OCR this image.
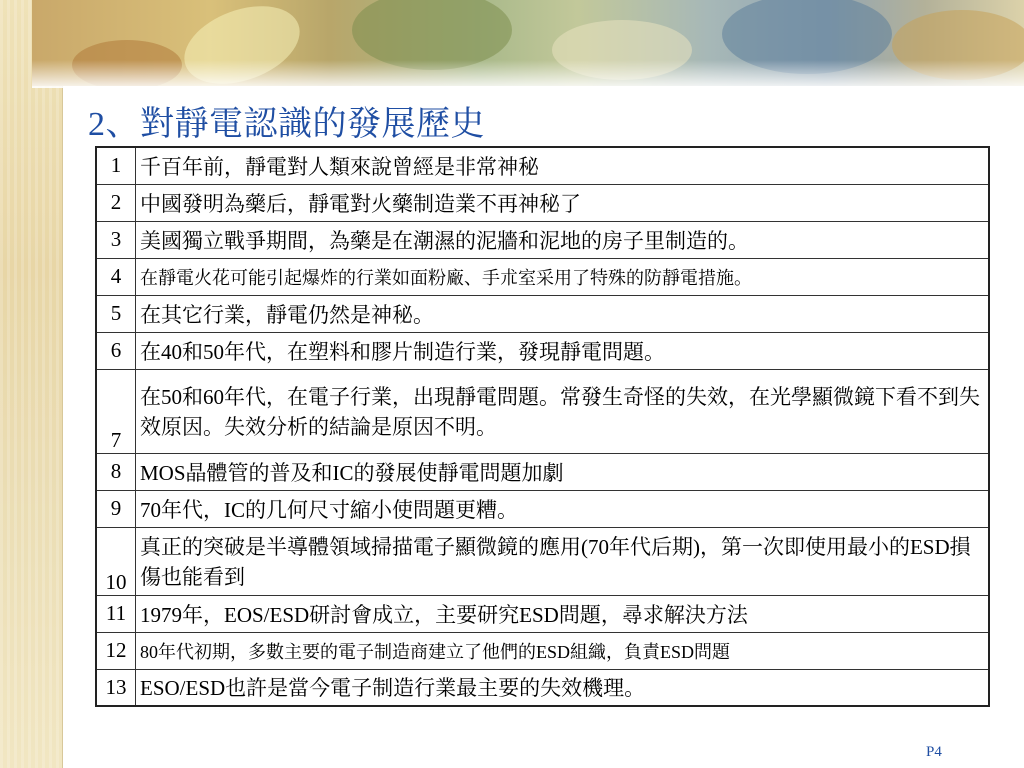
2、對靜電認識的發展歷史
1	千百年前，靜電對人類來說曾經是非常神秘
2	中國發明為藥后，靜電對火藥制造業不再神秘了
3	美國獨立戰爭期間，為藥是在潮濕的泥牆和泥地的房子里制造的。
4	在靜電火花可能引起爆炸的行業如面粉廠、手朮室采用了特殊的防靜電措施。
5	在其它行業，靜電仍然是神秘。
6	在40和50年代，在塑料和膠片制造行業，發現靜電問題。
7	在50和60年代，在電子行業，出現靜電問題。常發生奇怪的失效，在光學顯微鏡下看不到失效原因。失效分析的結論是原因不明。
8	MOS晶體管的普及和IC的發展使靜電問題加劇
9	70年代，IC的几何尺寸縮小使問題更糟。
10	真正的突破是半導體領域掃描電子顯微鏡的應用(70年代后期)，第一次即使用最小的ESD損傷也能看到
11	1979年，EOS/ESD研討會成立，主要研究ESD問題，尋求解決方法
12	80年代初期，多數主要的電子制造商建立了他們的ESD組織，負責ESD問題
13	ESO/ESD也許是當今電子制造行業最主要的失效機理。
P4
